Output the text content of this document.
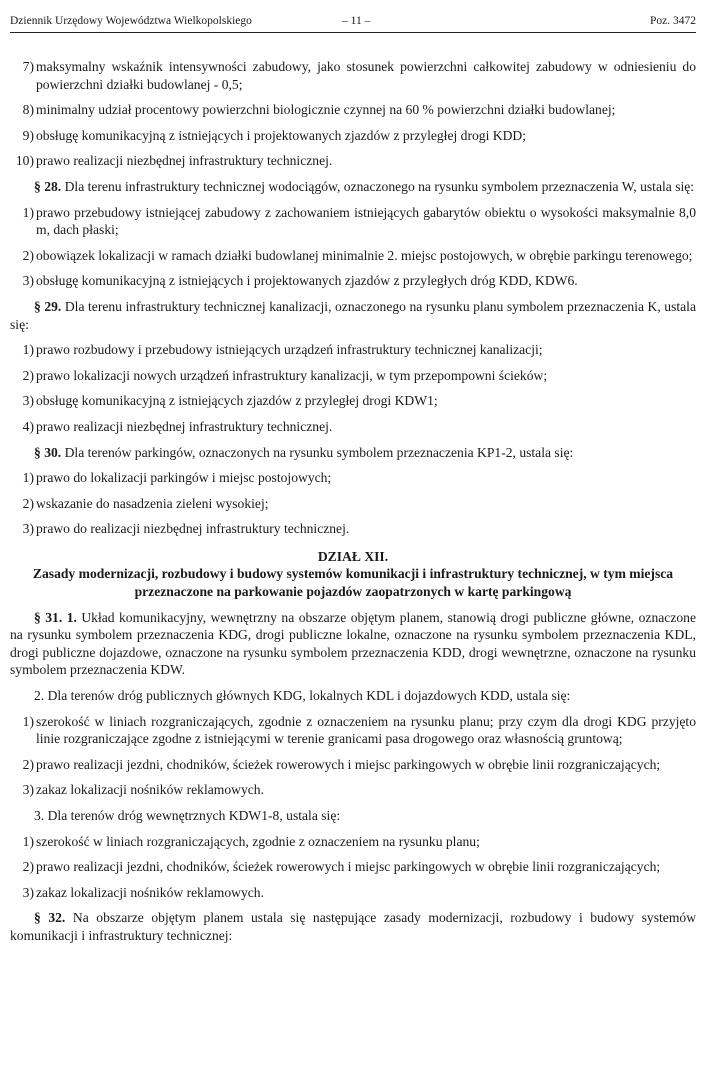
Dziennik Urzędowy Województwa Wielkopolskiego	– 11 –	Poz. 3472
7) maksymalny wskaźnik intensywności zabudowy, jako stosunek powierzchni całkowitej zabudowy w odniesieniu do powierzchni działki budowlanej - 0,5;
8) minimalny udział procentowy powierzchni biologicznie czynnej na 60 % powierzchni działki budowlanej;
9) obsługę komunikacyjną z istniejących i projektowanych zjazdów z przyległej drogi KDD;
10) prawo realizacji niezbędnej infrastruktury technicznej.
§ 28. Dla terenu infrastruktury technicznej wodociągów, oznaczonego na rysunku symbolem przeznaczenia W, ustala się:
1) prawo przebudowy istniejącej zabudowy z zachowaniem istniejących gabarytów obiektu o wysokości maksymalnie 8,0 m, dach płaski;
2) obowiązek lokalizacji w ramach działki budowlanej minimalnie 2. miejsc postojowych, w obrębie parkingu terenowego;
3) obsługę komunikacyjną z istniejących i projektowanych zjazdów z przyległych dróg KDD, KDW6.
§ 29. Dla terenu infrastruktury technicznej kanalizacji, oznaczonego na rysunku planu symbolem przeznaczenia K, ustala się:
1) prawo rozbudowy i przebudowy istniejących urządzeń infrastruktury technicznej kanalizacji;
2) prawo lokalizacji nowych urządzeń infrastruktury kanalizacji, w tym przepompowni ścieków;
3) obsługę komunikacyjną z istniejących zjazdów z przyległej drogi KDW1;
4) prawo realizacji niezbędnej infrastruktury technicznej.
§ 30. Dla terenów parkingów, oznaczonych na rysunku symbolem przeznaczenia KP1-2, ustala się:
1) prawo do lokalizacji parkingów i miejsc postojowych;
2) wskazanie do nasadzenia zieleni wysokiej;
3) prawo do realizacji niezbędnej infrastruktury technicznej.
DZIAŁ XII.
Zasady modernizacji, rozbudowy i budowy systemów komunikacji i infrastruktury technicznej, w tym miejsca przeznaczone na parkowanie pojazdów zaopatrzonych w kartę parkingową
§ 31. 1. Układ komunikacyjny, wewnętrzny na obszarze objętym planem, stanowią drogi publiczne główne, oznaczone na rysunku symbolem przeznaczenia KDG, drogi publiczne lokalne, oznaczone na rysunku symbolem przeznaczenia KDL, drogi publiczne dojazdowe, oznaczone na rysunku symbolem przeznaczenia KDD, drogi wewnętrzne, oznaczone na rysunku symbolem przeznaczenia KDW.
2. Dla terenów dróg publicznych głównych KDG, lokalnych KDL i dojazdowych KDD, ustala się:
1) szerokość w liniach rozgraniczających, zgodnie z oznaczeniem na rysunku planu; przy czym dla drogi KDG przyjęto linie rozgraniczające zgodne z istniejącymi w terenie granicami pasa drogowego oraz własnością gruntową;
2) prawo realizacji jezdni, chodników, ścieżek rowerowych i miejsc parkingowych w obrębie linii rozgraniczających;
3) zakaz lokalizacji nośników reklamowych.
3. Dla terenów dróg wewnętrznych KDW1-8, ustala się:
1) szerokość w liniach rozgraniczających, zgodnie z oznaczeniem na rysunku planu;
2) prawo realizacji jezdni, chodników, ścieżek rowerowych i miejsc parkingowych w obrębie linii rozgraniczających;
3) zakaz lokalizacji nośników reklamowych.
§ 32. Na obszarze objętym planem ustala się następujące zasady modernizacji, rozbudowy i budowy systemów komunikacji i infrastruktury technicznej:
